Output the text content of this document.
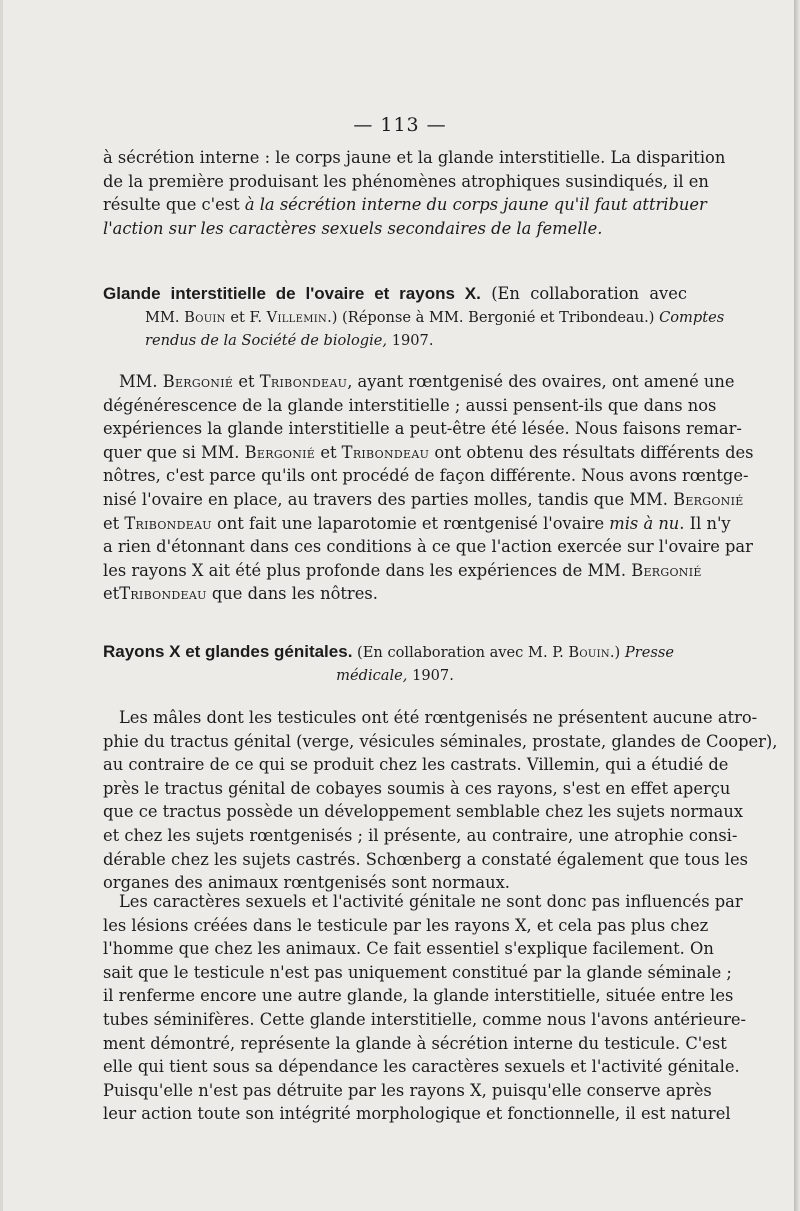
— 113 —
à sécrétion interne : le corps jaune et la glande interstitielle. La disparition
de la première produisant les phénomènes atrophiques susindiqués, il en
résulte que c'est à la sécrétion interne du corps jaune qu'il faut attribuer
l'action sur les caractères sexuels secondaires de la femelle.
Glande interstitielle de l'ovaire et rayons X. (En collaboration avec
MM. Bouin et F. Villemin.) (Réponse à MM. Bergonié et Tribondeau.) Comptes
rendus de la Société de biologie, 1907.
MM. Bergonié et Tribondeau, ayant rœntgenisé des ovaires, ont amené une
dégénérescence de la glande interstitielle ; aussi pensent-ils que dans nos
expériences la glande interstitielle a peut-être été lésée. Nous faisons remar-
quer que si MM. Bergonié et Tribondeau ont obtenu des résultats différents des
nôtres, c'est parce qu'ils ont procédé de façon différente. Nous avons rœntge-
nisé l'ovaire en place, au travers des parties molles, tandis que MM. Bergonié
et Tribondeau ont fait une laparotomie et rœntgenisé l'ovaire mis à nu. Il n'y
a rien d'étonnant dans ces conditions à ce que l'action exercée sur l'ovaire par
les rayons X ait été plus profonde dans les expériences de MM. Bergonié
etTribondeau que dans les nôtres.
Rayons X et glandes génitales. (En collaboration avec M. P. Bouin.) Presse
médicale, 1907.
Les mâles dont les testicules ont été rœntgenisés ne présentent aucune atro-
phie du tractus génital (verge, vésicules séminales, prostate, glandes de Cooper),
au contraire de ce qui se produit chez les castrats. Villemin, qui a étudié de
près le tractus génital de cobayes soumis à ces rayons, s'est en effet aperçu
que ce tractus possède un développement semblable chez les sujets normaux
et chez les sujets rœntgenisés ; il présente, au contraire, une atrophie consi-
dérable chez les sujets castrés. Schœnberg a constaté également que tous les
organes des animaux rœntgenisés sont normaux.
Les caractères sexuels et l'activité génitale ne sont donc pas influencés par
les lésions créées dans le testicule par les rayons X, et cela pas plus chez
l'homme que chez les animaux. Ce fait essentiel s'explique facilement. On
sait que le testicule n'est pas uniquement constitué par la glande séminale ;
il renferme encore une autre glande, la glande interstitielle, située entre les
tubes séminifères. Cette glande interstitielle, comme nous l'avons antérieure-
ment démontré, représente la glande à sécrétion interne du testicule. C'est
elle qui tient sous sa dépendance les caractères sexuels et l'activité génitale.
Puisqu'elle n'est pas détruite par les rayons X, puisqu'elle conserve après
leur action toute son intégrité morphologique et fonctionnelle, il est naturel
